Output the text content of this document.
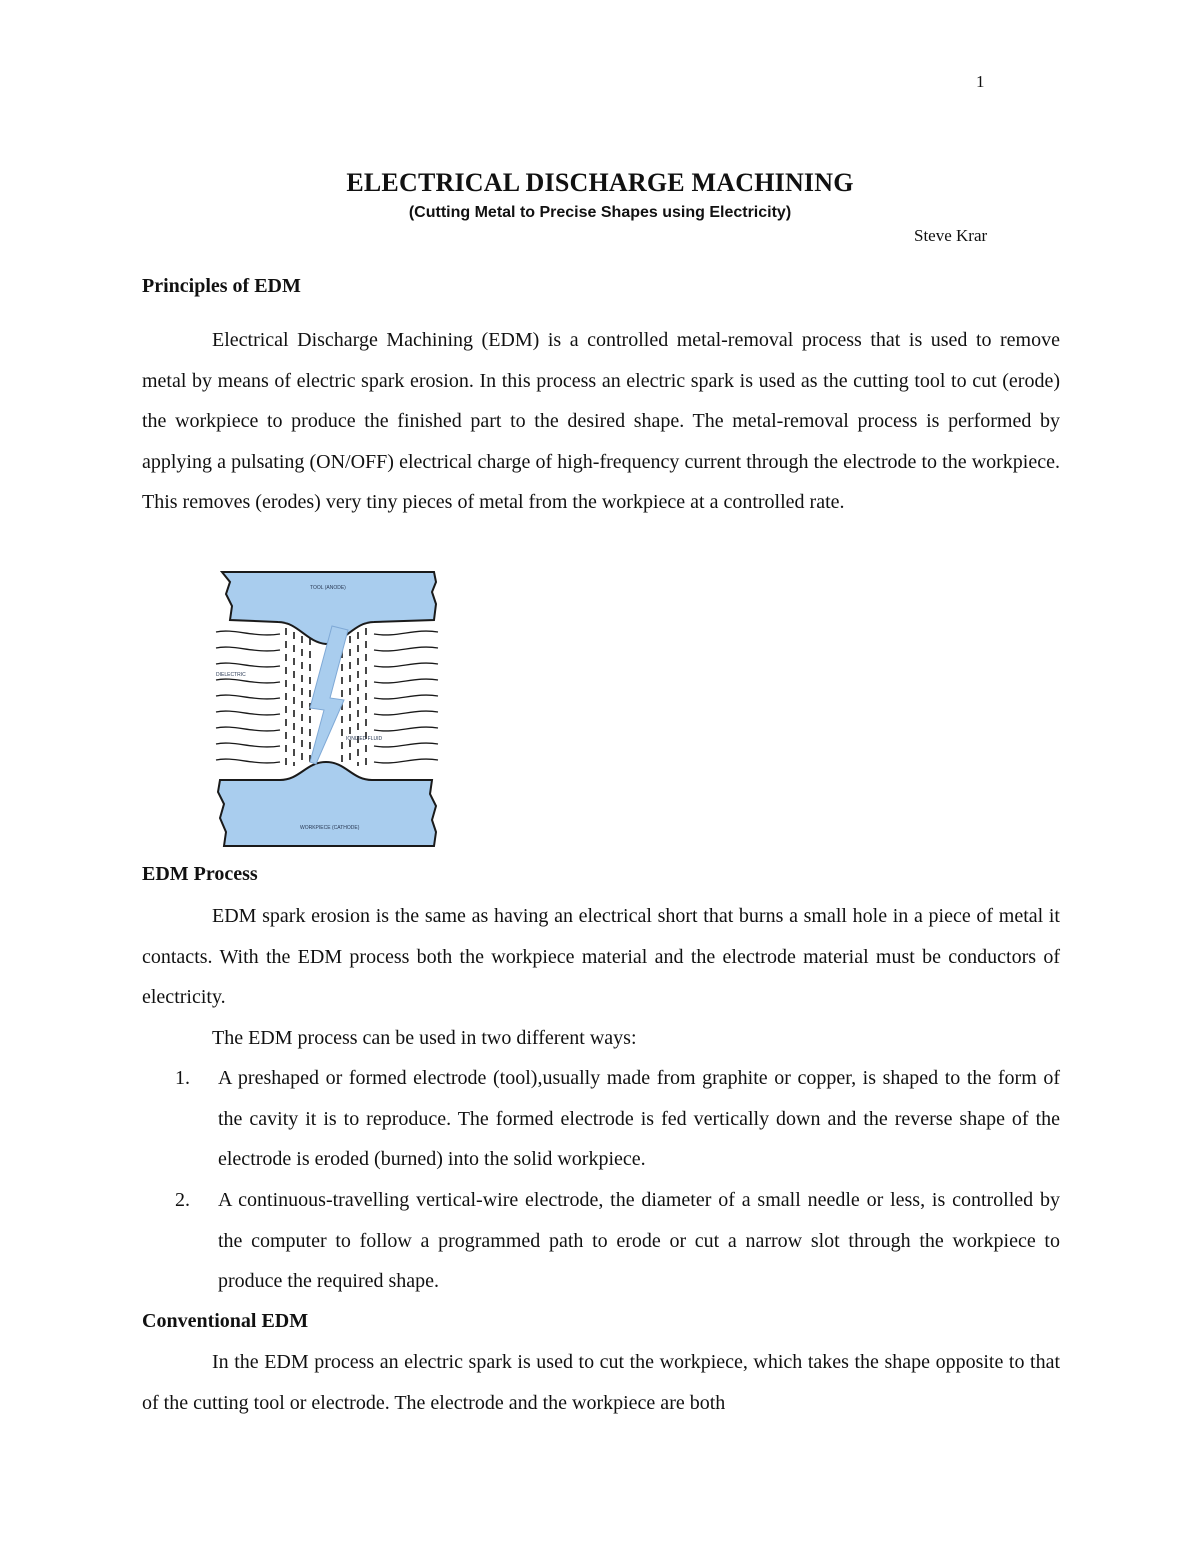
1
ELECTRICAL DISCHARGE MACHINING
(Cutting Metal to Precise Shapes using Electricity)
Steve Krar
Principles of EDM

Electrical Discharge Machining (EDM) is a controlled metal-removal process that is used to remove metal by means of electric spark erosion. In this process an electric spark is used as the cutting tool to cut (erode) the workpiece to produce the finished part to the desired shape. The metal-removal process is performed by applying a pulsating (ON/OFF) electrical charge of high-frequency current through the electrode to the workpiece. This removes (erodes) very tiny pieces of metal from the workpiece at a controlled rate.

TOOL (ANODE)
WORKPIECE (CATHODE)
DIELECTRIC
IONIZED FLUID
EDM Process

EDM spark erosion is the same as having an electrical short that burns a small hole in a piece of metal it contacts. With the EDM process both the workpiece material and the electrode material must be conductors of electricity.

The EDM process can be used in two different ways:

1. A preshaped or formed electrode (tool),usually made from graphite or copper, is shaped to the form of the cavity it is to reproduce. The formed electrode is fed vertically down and the reverse shape of the electrode is eroded (burned) into the solid workpiece.
2. A continuous-travelling vertical-wire electrode, the diameter of a small needle or less, is controlled by the computer to follow a programmed path to erode or cut a narrow slot through the workpiece to produce the required shape.
Conventional EDM

In the EDM process an electric spark is used to cut the workpiece, which takes the shape opposite to that of the cutting tool or electrode. The electrode and the workpiece are both
